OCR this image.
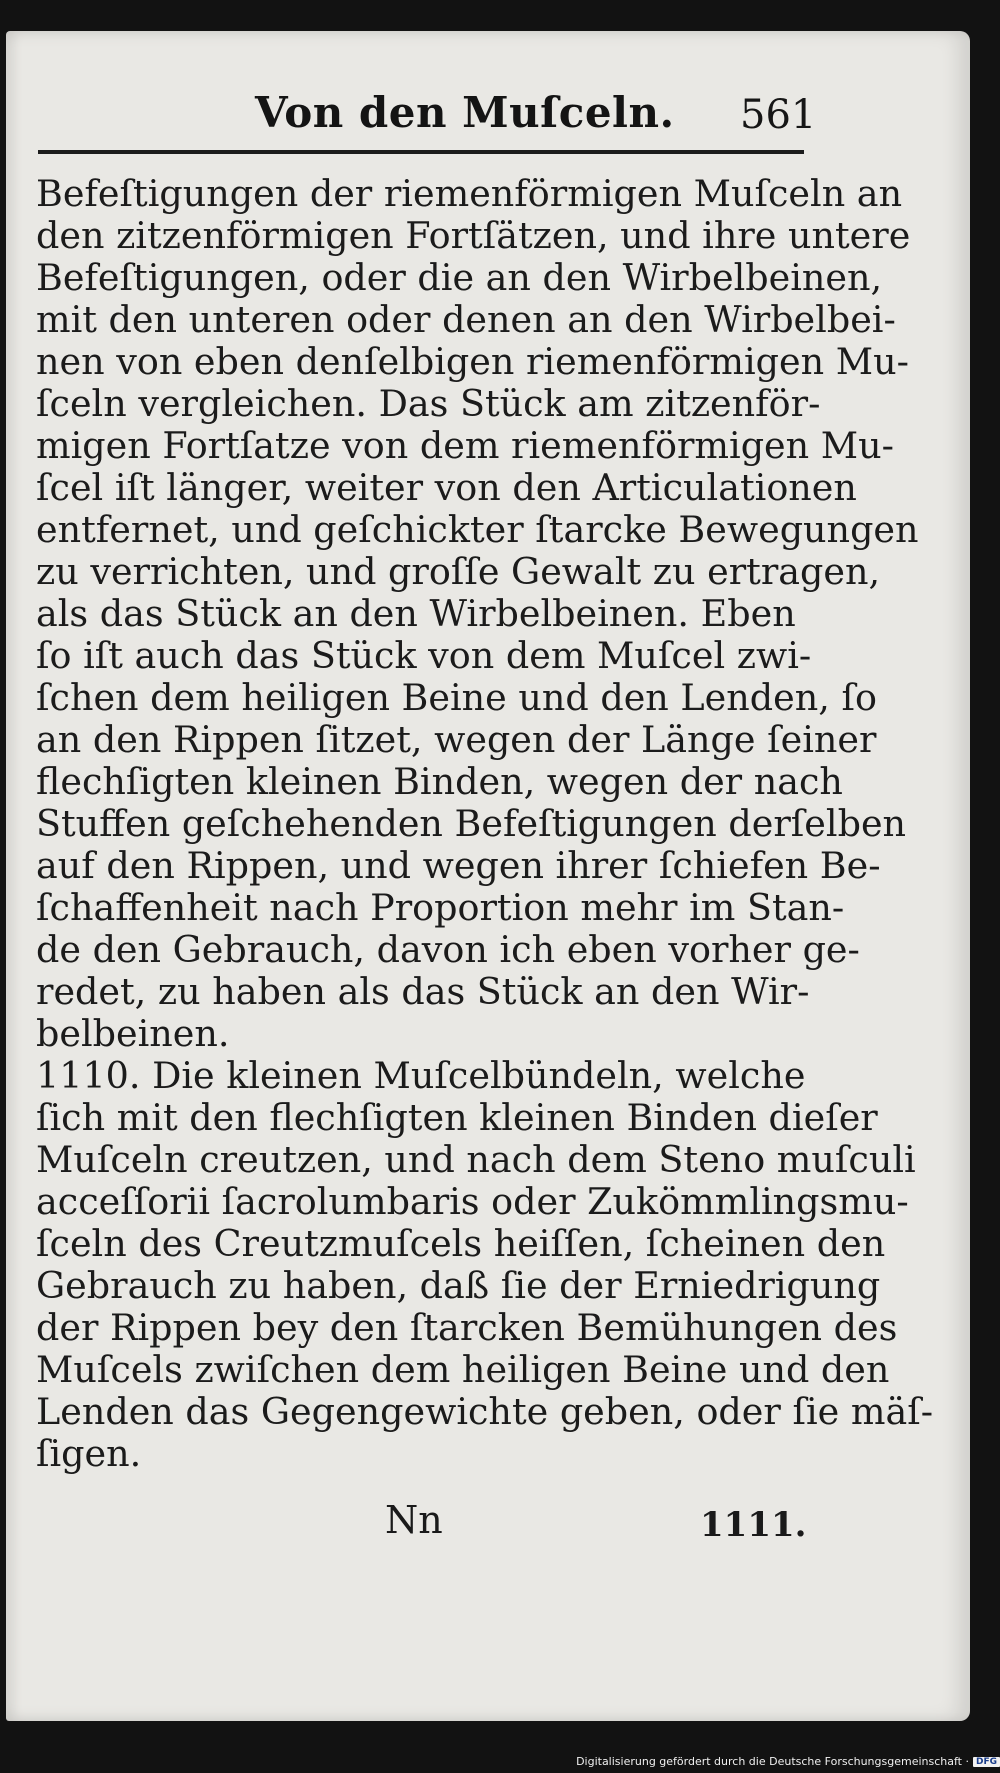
Von den Muſceln. 561
Befeſtigungen der riemenförmigen Muſceln an
den zitzenförmigen Fortſätzen, und ihre untere
Befeſtigungen, oder die an den Wirbelbeinen,
mit den unteren oder denen an den Wirbelbei-
nen von eben denſelbigen riemenförmigen Mu-
ſceln vergleichen. Das Stück am zitzenför-
migen Fortſatze von dem riemenförmigen Mu-
ſcel iſt länger, weiter von den Articulationen
entfernet, und geſchickter ſtarcke Bewegungen
zu verrichten, und groſſe Gewalt zu ertragen,
als das Stück an den Wirbelbeinen. Eben
ſo iſt auch das Stück von dem Muſcel zwi-
ſchen dem heiligen Beine und den Lenden, ſo
an den Rippen ſitzet, wegen der Länge ſeiner
flechſigten kleinen Binden, wegen der nach
Stuffen geſchehenden Befeſtigungen derſelben
auf den Rippen, und wegen ihrer ſchiefen Be-
ſchaffenheit nach Proportion mehr im Stan-
de den Gebrauch, davon ich eben vorher ge-
redet, zu haben als das Stück an den Wir-
belbeinen.
1110. Die kleinen Muſcelbündeln, welche
ſich mit den flechſigten kleinen Binden dieſer
Muſceln creutzen, und nach dem Steno muſculi
acceſſorii ſacrolumbaris oder Zukömmlingsmu-
ſceln des Creutzmuſcels heiſſen, ſcheinen den
Gebrauch zu haben, daß ſie der Erniedrigung
der Rippen bey den ſtarcken Bemühungen des
Muſcels zwiſchen dem heiligen Beine und den
Lenden das Gegengewichte geben, oder ſie mäſ-
ſigen.
Nn	1111.
Digitalisierung gefördert durch die Deutsche Forschungsgemeinschaft · DFG
